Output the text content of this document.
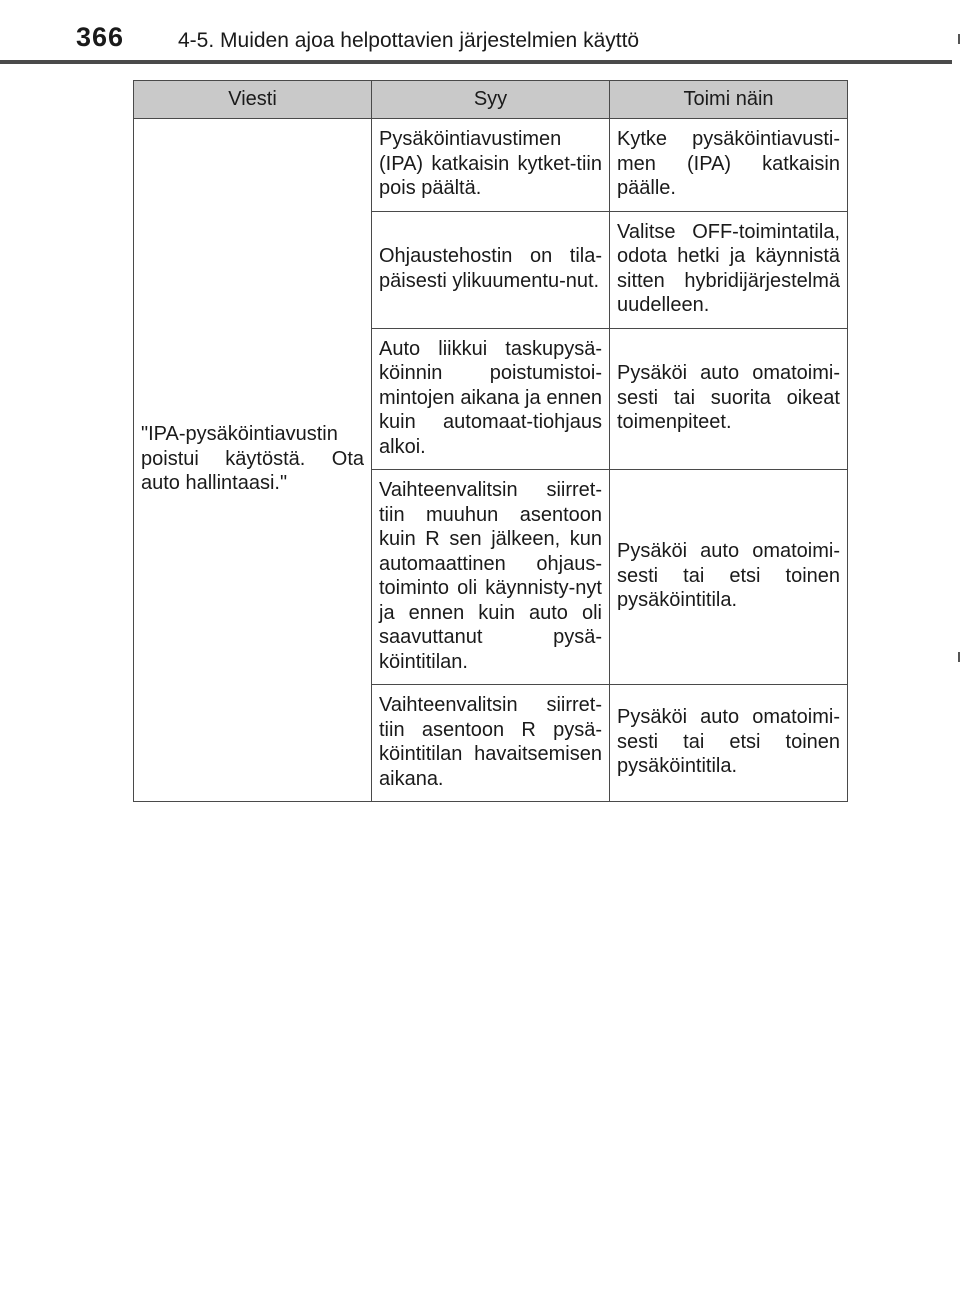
366	4-5. Muiden ajoa helpottavien järjestelmien käyttö
Viesti	Syy	Toimi näin

"IPA-pysäköintiavustin poistui käytöstä. Ota auto hallintaasi."	Pysäköintiavustimen (IPA) katkaisin kytket-tiin pois päältä.	Kytke pysäköintiavusti-men (IPA) katkaisin päälle.

	Ohjaustehostin on tila-päisesti ylikuumentu-nut.	Valitse OFF-toimintatila, odota hetki ja käynnistä sitten hybridijärjestelmä uudelleen.

	Auto liikkui taskupysä-köinnin poistumistoi-mintojen aikana ja ennen kuin automaat-tiohjaus alkoi.	Pysäköi auto omatoimi-sesti tai suorita oikeat toimenpiteet.

	Vaihteenvalitsin siirret-tiin muuhun asentoon kuin R sen jälkeen, kun automaattinen ohjaus-toiminto oli käynnisty-nyt ja ennen kuin auto oli saavuttanut pysä-köintitilan.	Pysäköi auto omatoimi-sesti tai etsi toinen pysäköintitila.

	Vaihteenvalitsin siirret-tiin asentoon R pysä-köintitilan havaitsemisen aikana.	Pysäköi auto omatoimi-sesti tai etsi toinen pysäköintitila.
